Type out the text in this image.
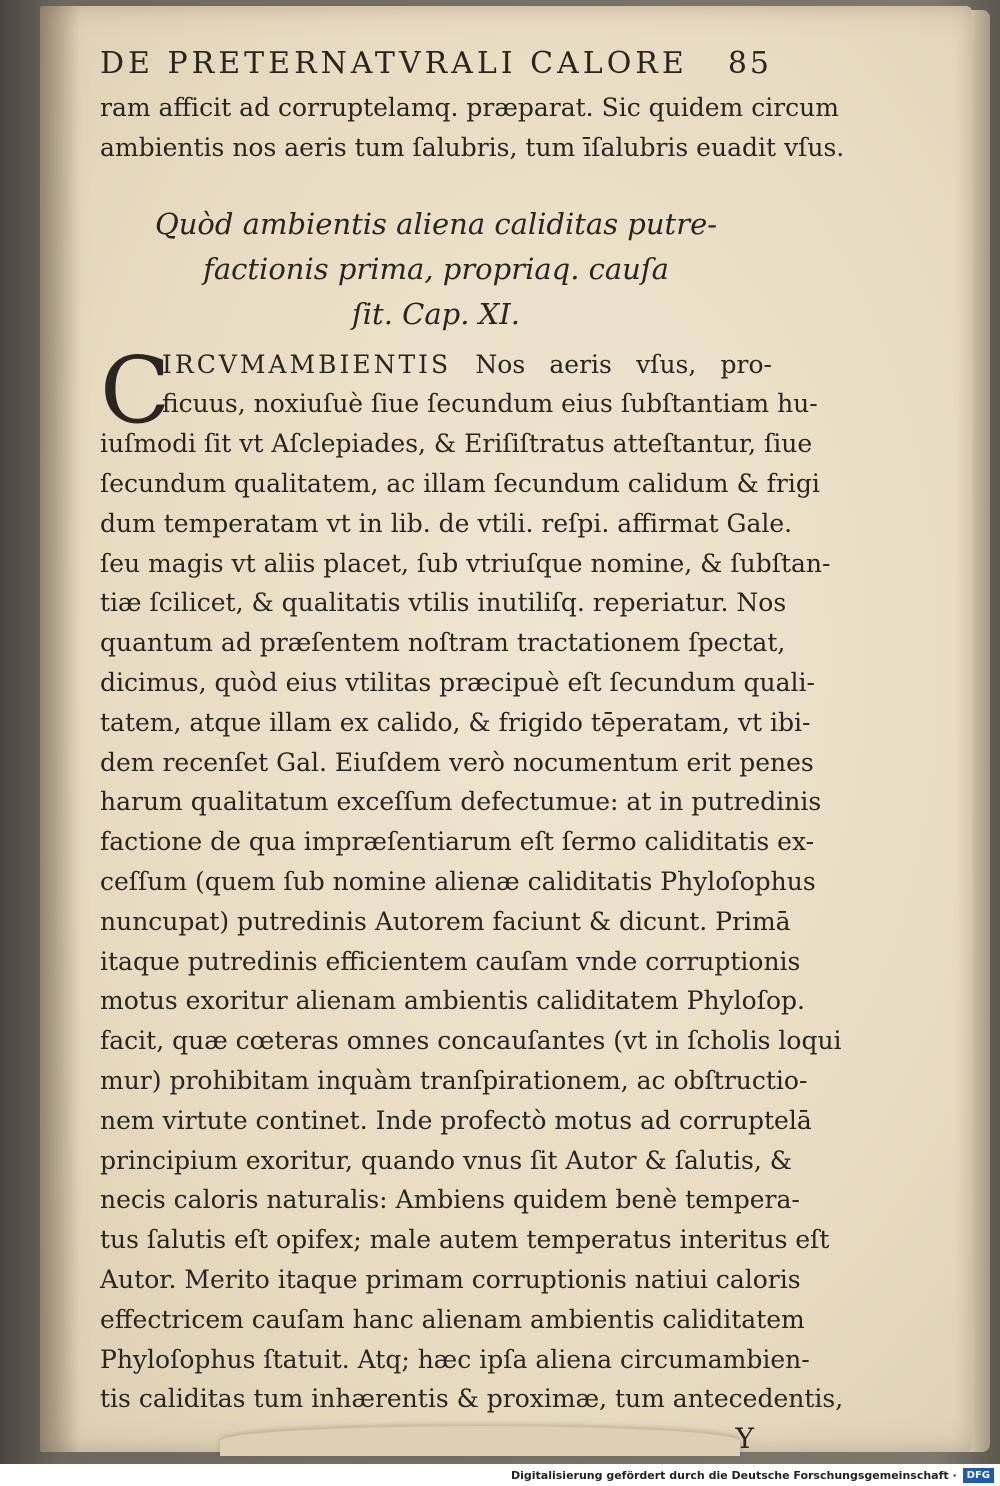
DE PRETERNATVRALI CALORE 85
ram afficit ad corruptelamq. præparat. Sic quidem circum
ambientis nos aeris tum ſalubris, tum īſalubris euadit vſus.
Quòd ambientis aliena caliditas putre-
factionis prima, propriaq. cauſa
ſit. Cap. XI.
C
IRCVMAMBIENTIS Nos aeris vſus, pro-
ficuus, noxiuſuè ſiue ſecundum eius ſubſtantiam hu-
iuſmodi ſit vt Aſclepiades, & Eriſiſtratus atteſtantur, ſiue
ſecundum qualitatem, ac illam ſecundum calidum & frigi
dum temperatam vt in lib. de vtili. reſpi. affirmat Gale.
ſeu magis vt aliis placet, ſub vtriuſque nomine, & ſubſtan-
tiæ ſcilicet, & qualitatis vtilis inutiliſq. reperiatur. Nos
quantum ad præſentem noſtram tractationem ſpectat,
dicimus, quòd eius vtilitas præcipuè eſt ſecundum quali-
tatem, atque illam ex calido, & frigido tēperatam, vt ibi-
dem recenſet Gal. Eiuſdem verò nocumentum erit penes
harum qualitatum exceſſum defectumue: at in putredinis
factione de qua impræſentiarum eſt ſermo caliditatis ex-
ceſſum (quem ſub nomine alienæ caliditatis Phyloſophus
nuncupat) putredinis Autorem faciunt & dicunt. Primā
itaque putredinis efficientem cauſam vnde corruptionis
motus exoritur alienam ambientis caliditatem Phyloſop.
facit, quæ cœteras omnes concauſantes (vt in ſcholis loqui
mur) prohibitam inquàm tranſpirationem, ac obſtructio-
nem virtute continet. Inde profectò motus ad corruptelā
principium exoritur, quando vnus ſit Autor & ſalutis, &
necis caloris naturalis: Ambiens quidem benè tempera-
tus ſalutis eſt opifex; male autem temperatus interitus eſt
Autor. Merito itaque primam corruptionis natiui caloris
effectricem cauſam hanc alienam ambientis caliditatem
Phyloſophus ſtatuit. Atq; hæc ipſa aliena circumambien-
tis caliditas tum inhærentis & proximæ, tum antecedentis,
Y
Digitalisierung gefördert durch die Deutsche Forschungsgemeinschaft ·	DFG
